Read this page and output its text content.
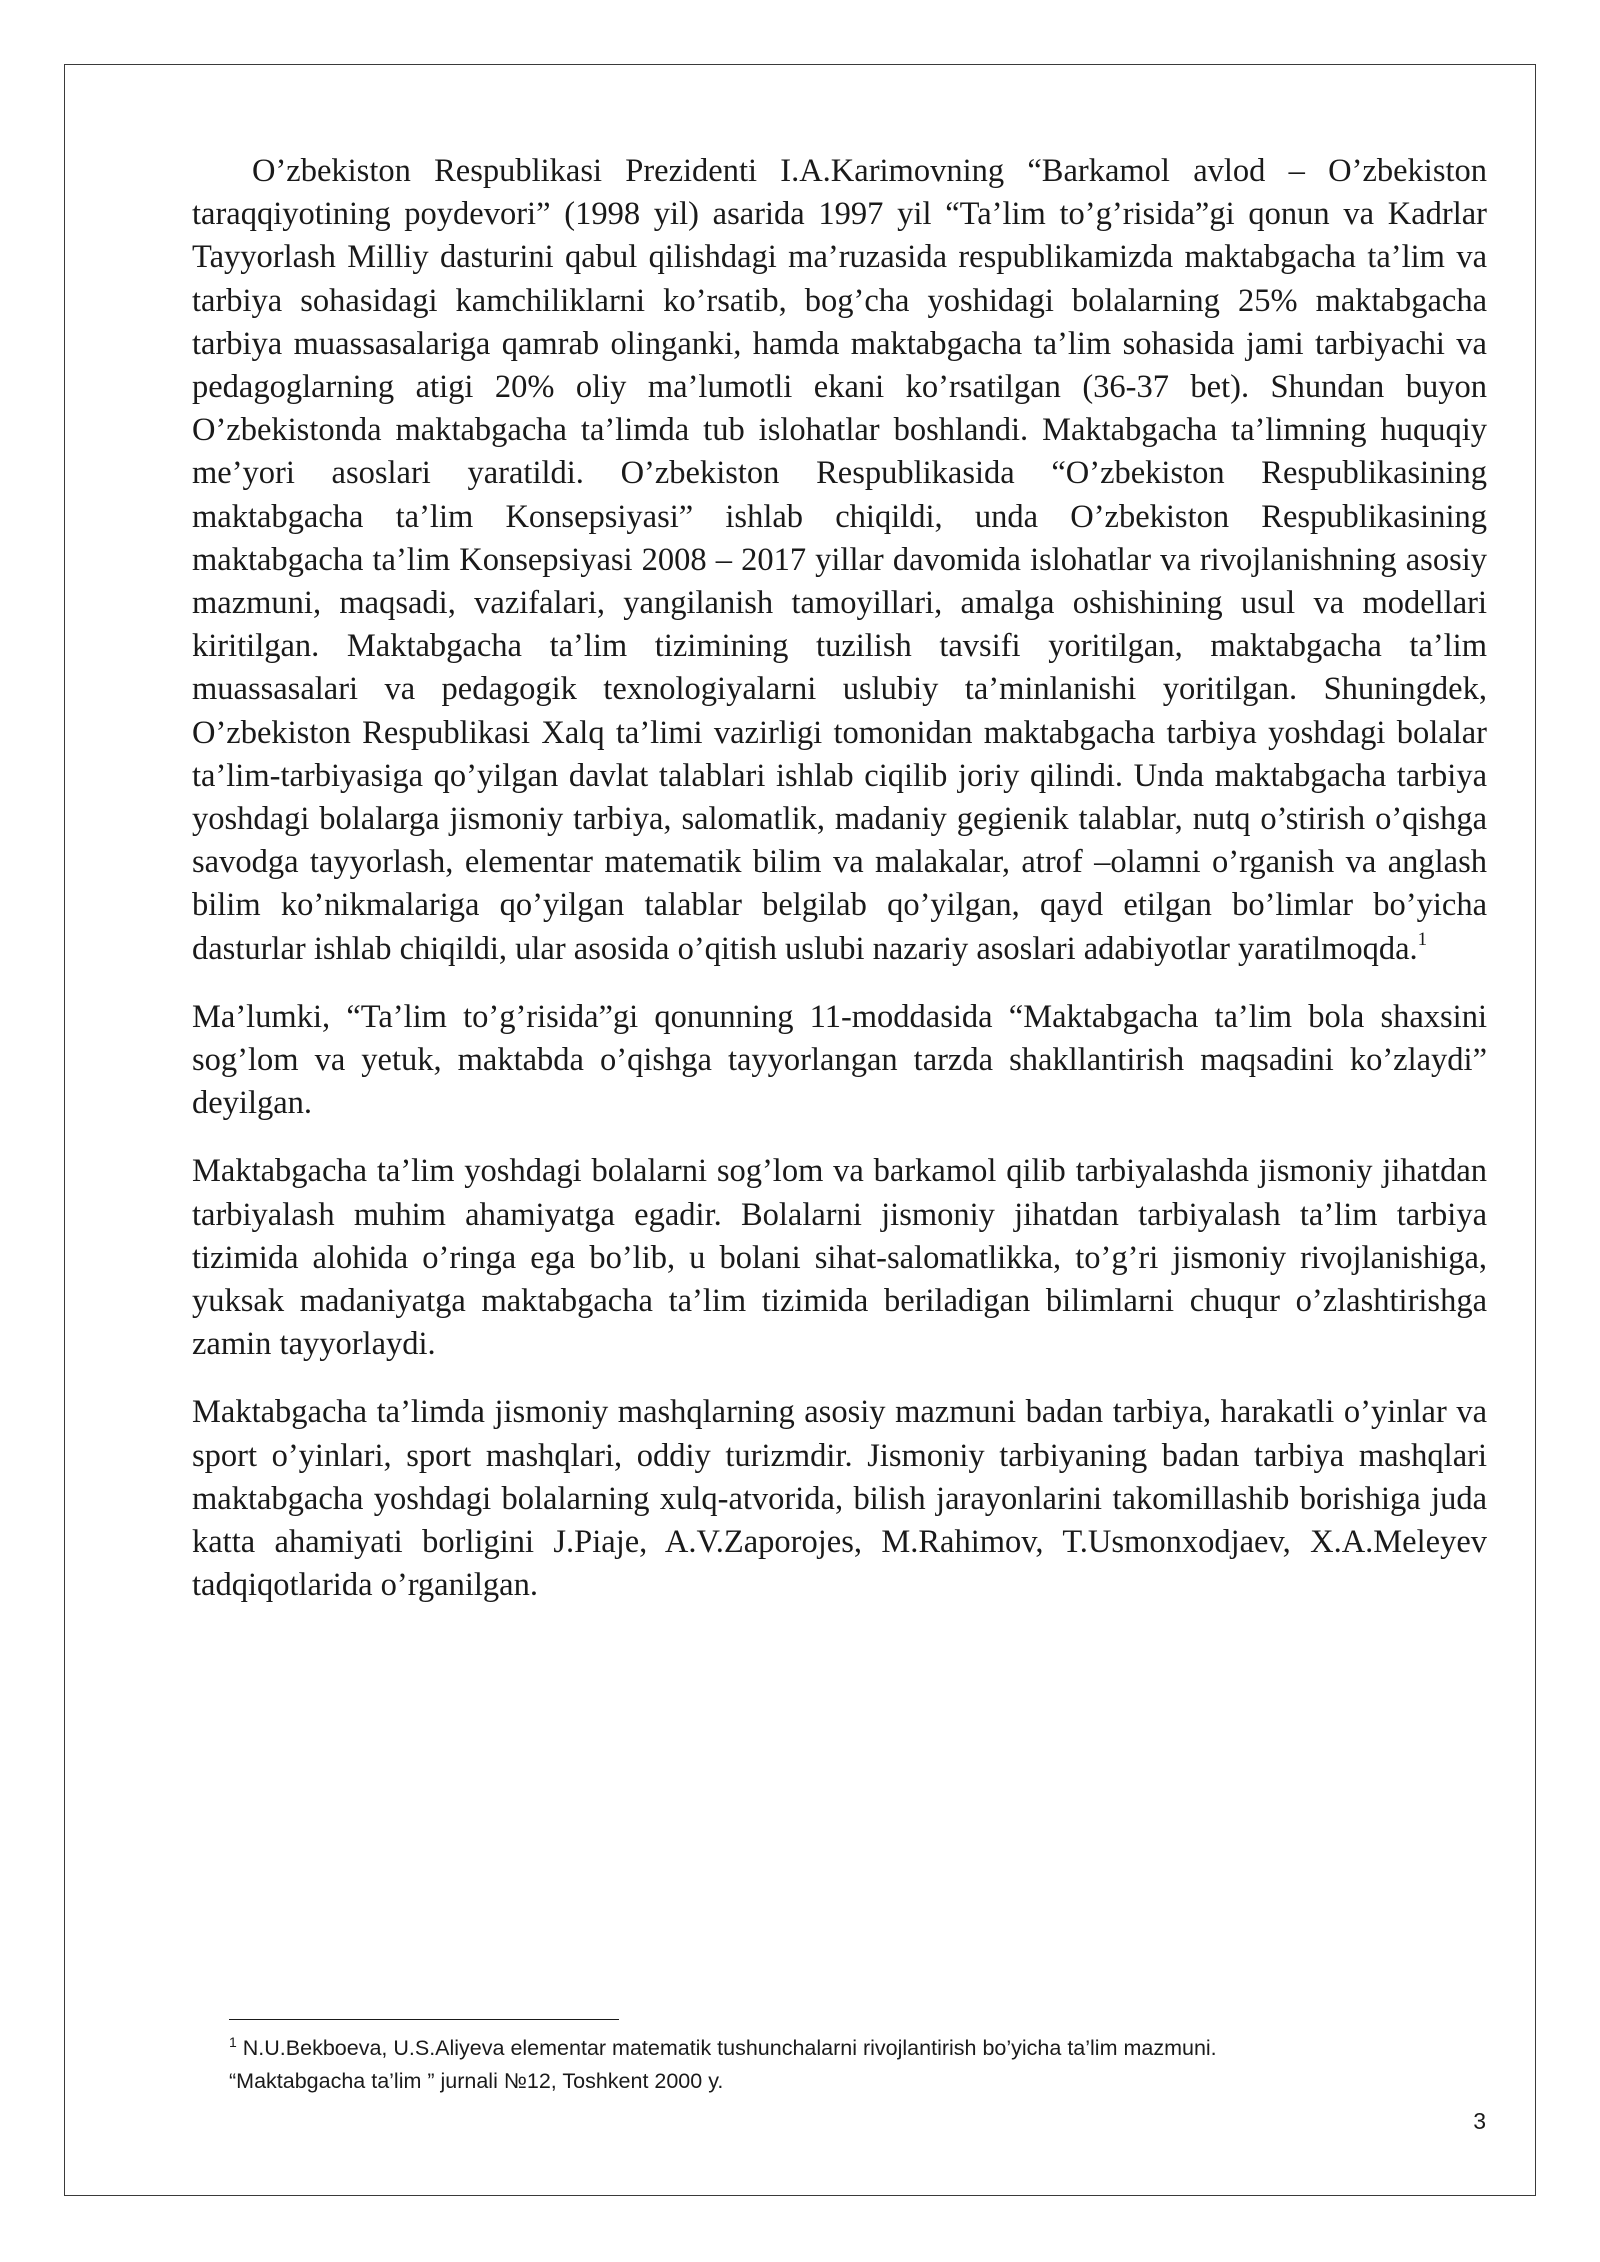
O’zbekiston Respublikasi Prezidenti I.A.Karimovning “Barkamol avlod – O’zbekiston taraqqiyotining poydevori” (1998 yil) asarida 1997 yil “Ta’lim to’g’risida”gi qonun va Kadrlar Tayyorlash Milliy dasturini qabul qilishdagi ma’ruzasida respublikamizda maktabgacha ta’lim va tarbiya sohasidagi kamchiliklarni ko’rsatib, bog’cha yoshidagi bolalarning 25% maktabgacha tarbiya muassasalariga qamrab olinganki, hamda maktabgacha ta’lim sohasida jami tarbiyachi va pedagoglarning atigi 20% oliy ma’lumotli ekani ko’rsatilgan (36-37 bet). Shundan buyon O’zbekistonda maktabgacha ta’limda tub islohatlar boshlandi. Maktabgacha ta’limning huquqiy me’yori asoslari yaratildi. O’zbekiston Respublikasida “O’zbekiston Respublikasining maktabgacha ta’lim Konsepsiyasi” ishlab chiqildi, unda O’zbekiston Respublikasining maktabgacha ta’lim Konsepsiyasi 2008 – 2017 yillar davomida islohatlar va rivojlanishning asosiy mazmuni, maqsadi, vazifalari, yangilanish tamoyillari, amalga oshishining usul va modellari kiritilgan. Maktabgacha ta’lim tizimining tuzilish tavsifi yoritilgan, maktabgacha ta’lim muassasalari va pedagogik texnologiyalarni uslubiy ta’minlanishi yoritilgan. Shuningdek, O’zbekiston Respublikasi Xalq ta’limi vazirligi tomonidan maktabgacha tarbiya yoshdagi bolalar ta’lim-tarbiyasiga qo’yilgan davlat talablari ishlab ciqilib joriy qilindi. Unda maktabgacha tarbiya yoshdagi bolalarga jismoniy tarbiya, salomatlik, madaniy gegienik talablar, nutq o’stirish o’qishga savodga tayyorlash, elementar matematik bilim va malakalar, atrof –olamni o’rganish va anglash bilim ko’nikmalariga qo’yilgan talablar belgilab qo’yilgan, qayd etilgan bo’limlar bo’yicha dasturlar ishlab chiqildi, ular asosida o’qitish uslubi nazariy asoslari adabiyotlar yaratilmoqda.$^1$

Ma’lumki, “Ta’lim to’g’risida”gi qonunning 11-moddasida “Maktabgacha ta’lim bola shaxsini sog’lom va yetuk, maktabda o’qishga tayyorlangan tarzda shakllantirish maqsadini ko’zlaydi” deyilgan.

Maktabgacha ta’lim yoshdagi bolalarni sog’lom va barkamol qilib tarbiyalashda jismoniy jihatdan tarbiyalash muhim ahamiyatga egadir. Bolalarni jismoniy jihatdan tarbiyalash ta’lim tarbiya tizimida alohida o’ringa ega bo’lib, u bolani sihat-salomatlikka, to’g’ri jismoniy rivojlanishiga, yuksak madaniyatga maktabgacha ta’lim tizimida beriladigan bilimlarni chuqur o’zlashtirishga zamin tayyorlaydi.

Maktabgacha ta’limda jismoniy mashqlarning asosiy mazmuni badan tarbiya, harakatli o’yinlar va sport o’yinlari, sport mashqlari, oddiy turizmdir. Jismoniy tarbiyaning badan tarbiya mashqlari maktabgacha yoshdagi bolalarning xulq-atvorida, bilish jarayonlarini takomillashib borishiga juda katta ahamiyati borligini J.Piaje, A.V.Zaporojes, M.Rahimov, T.Usmonxodjaev, X.A.Meleyev tadqiqotlarida o’rganilgan.

$^1$ N.U.Bekboeva, U.S.Aliyeva elementar matematik tushunchalarni rivojlantirish bo’yicha ta’lim mazmuni.
“Maktabgacha ta’lim ” jurnali №12, Toshkent 2000 y.
3
